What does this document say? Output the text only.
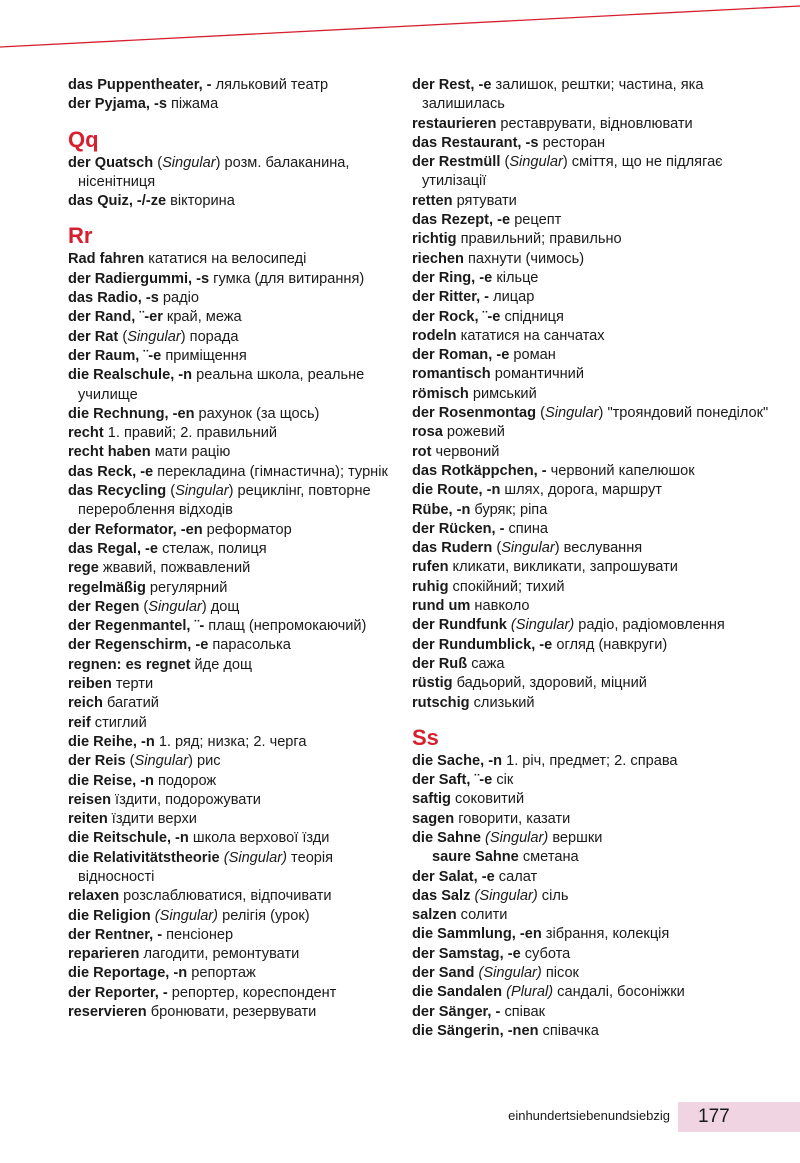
das Puppentheater, - ляльковий театр
der Pyjama, -s піжама
Qq
der Quatsch (Singular) розм. балаканина, нісенітниця
das Quiz, -/-ze вікторина
Rr
Rad fahren кататися на велосипеді
der Radiergummi, -s гумка (для витирання)
das Radio, -s радіо
der Rand, ¨-er край, межа
der Rat (Singular) порада
der Raum, ¨-e приміщення
die Realschule, -n реальна школа, реальне училище
die Rechnung, -en рахунок (за щось)
recht 1. правий; 2. правильний
recht haben мати рацію
das Reck, -e перекладина (гімнастична); турнік
das Recycling (Singular) рециклінг, повторне перероблення відходів
der Reformator, -en реформатор
das Regal, -e стелаж, полиця
rege жвавий, пожвавлений
regelmäßig регулярний
der Regen (Singular) дощ
der Regenmantel, ¨- плащ (непромокаючий)
der Regenschirm, -e парасолька
regnen: es regnet йде дощ
reiben терти
reich багатий
reif стиглий
die Reihe, -n 1. ряд; низка; 2. черга
der Reis (Singular) рис
die Reise, -n подорож
reisen їздити, подорожувати
reiten їздити верхи
die Reitschule, -n школа верхової їзди
die Relativitätstheorie (Singular) теорія відносності
relaxen розслаблюватися, відпочивати
die Religion (Singular) релігія (урок)
der Rentner, - пенсіонер
reparieren лагодити, ремонтувати
die Reportage, -n репортаж
der Reporter, - репортер, кореспондент
reservieren бронювати, резервувати
der Rest, -e залишок, рештки; частина, яка залишилась
restaurieren реставрувати, відновлювати
das Restaurant, -s ресторан
der Restmüll (Singular) сміття, що не підлягає утилізації
retten рятувати
das Rezept, -e рецепт
richtig правильний; правильно
riechen пахнути (чимось)
der Ring, -e кільце
der Ritter, - лицар
der Rock, ¨-e спідниця
rodeln кататися на санчатах
der Roman, -e роман
romantisch романтичний
römisch римський
der Rosenmontag (Singular) "трояндовий понеділок"
rosa рожевий
rot червоний
das Rotkäppchen, - червоний капелюшок
die Route, -n шлях, дорога, маршрут
Rübe, -n буряк; ріпа
der Rücken, - спина
das Rudern (Singular) веслування
rufen кликати, викликати, запрошувати
ruhig спокійний; тихий
rund um навколо
der Rundfunk (Singular) радіо, радіомовлення
der Rundumblick, -e огляд (навкруги)
der Ruß сажа
rüstig бадьорий, здоровий, міцний
rutschig слизький
Ss
die Sache, -n 1. річ, предмет; 2. справа
der Saft, ¨-e сік
saftig соковитий
sagen говорити, казати
die Sahne (Singular) вершки
saure Sahne сметана
der Salat, -e салат
das Salz (Singular) сіль
salzen солити
die Sammlung, -en зібрання, колекція
der Samstag, -e субота
der Sand (Singular) пісок
die Sandalen (Plural) сандалі, босоніжки
der Sänger, - співак
die Sängerin, -nen співачка
einhundertsiebenundsiebzig 177
